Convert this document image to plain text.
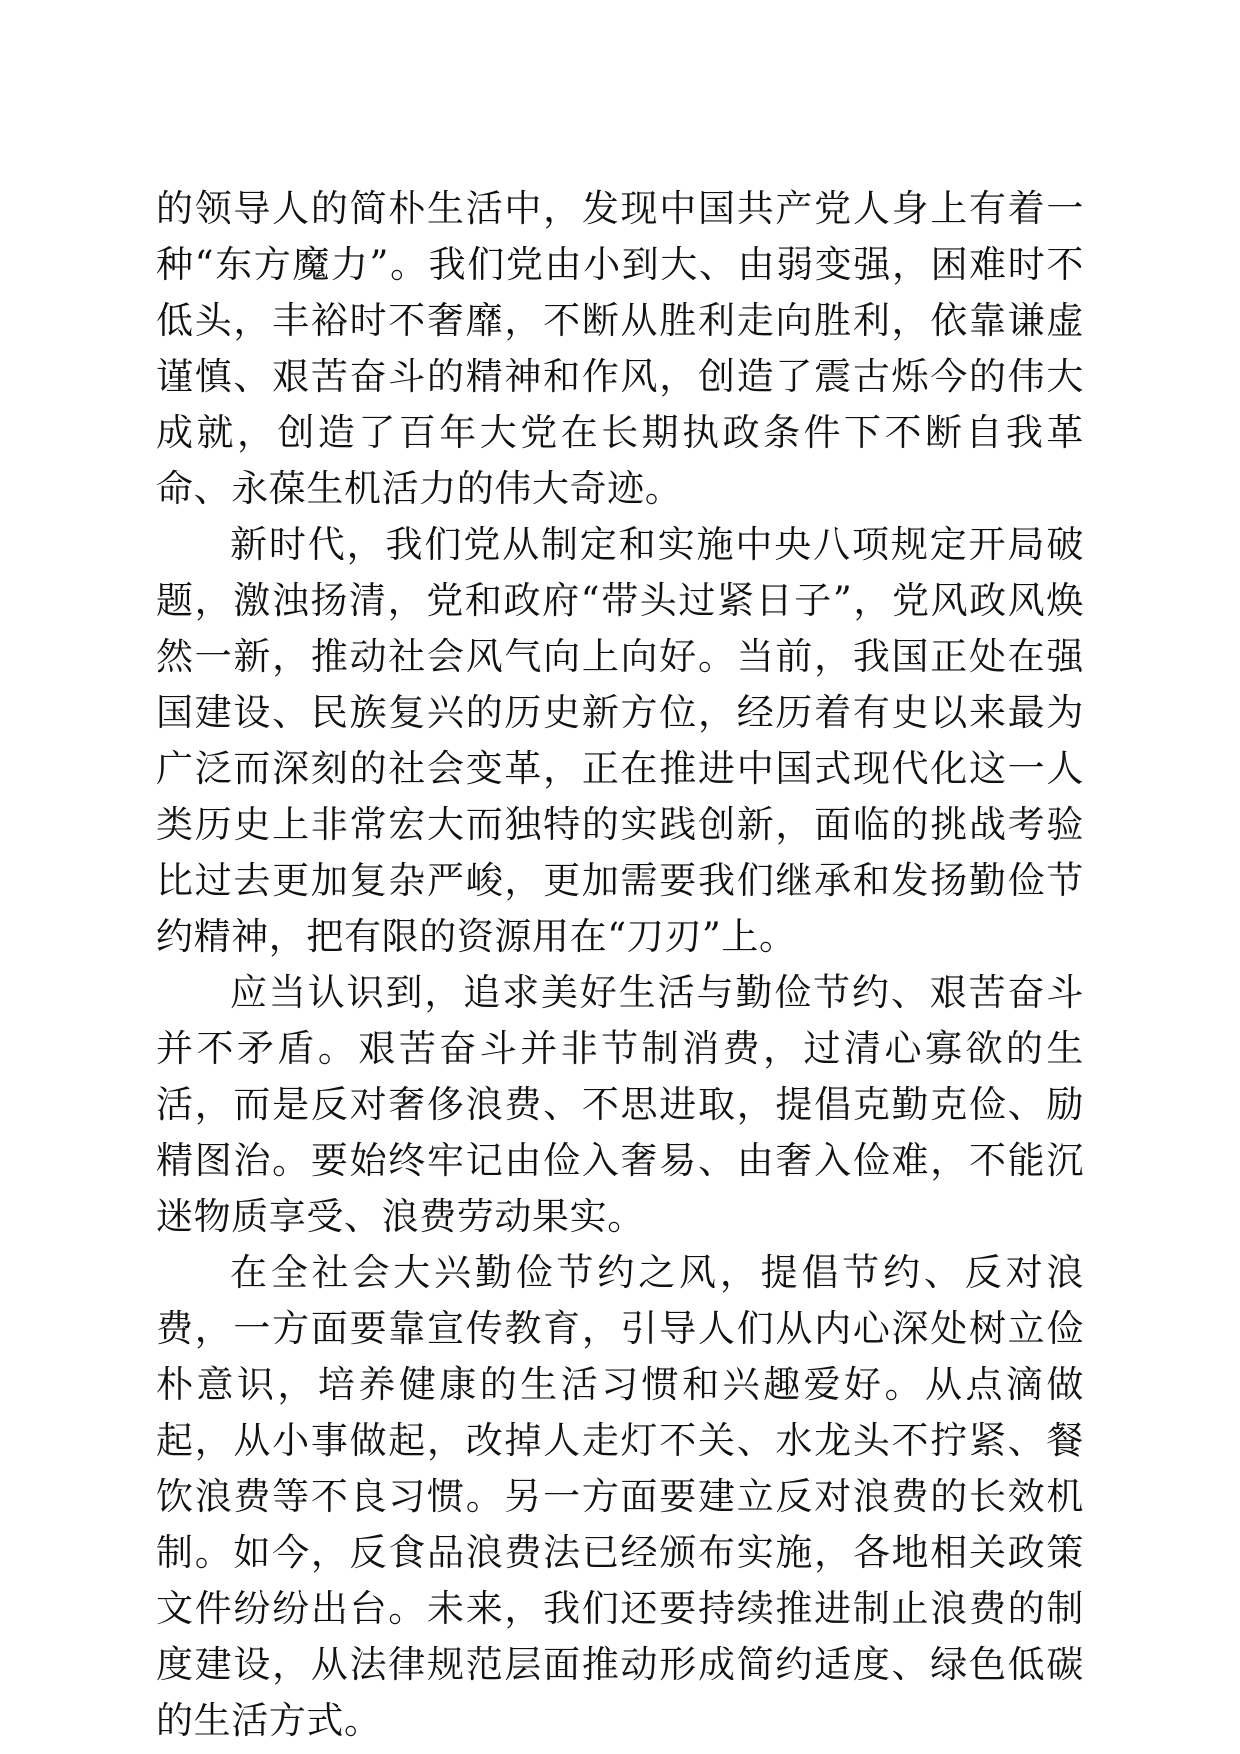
的领导人的简朴生活中，发现中国共产党人身上有着一种“东方魔力”。我们党由小到大、由弱变强，困难时不低头，丰裕时不奢靡，不断从胜利走向胜利，依靠谦虚谨慎、艰苦奋斗的精神和作风，创造了震古烁今的伟大成就，创造了百年大党在长期执政条件下不断自我革命、永葆生机活力的伟大奇迹。

新时代，我们党从制定和实施中央八项规定开局破题，激浊扬清，党和政府“带头过紧日子”，党风政风焕然一新，推动社会风气向上向好。当前，我国正处在强国建设、民族复兴的历史新方位，经历着有史以来最为广泛而深刻的社会变革，正在推进中国式现代化这一人类历史上非常宏大而独特的实践创新，面临的挑战考验比过去更加复杂严峻，更加需要我们继承和发扬勤俭节约精神，把有限的资源用在“刀刃”上。

应当认识到，追求美好生活与勤俭节约、艰苦奋斗并不矛盾。艰苦奋斗并非节制消费，过清心寡欲的生活，而是反对奢侈浪费、不思进取，提倡克勤克俭、励精图治。要始终牢记由俭入奢易、由奢入俭难，不能沉迷物质享受、浪费劳动果实。

在全社会大兴勤俭节约之风，提倡节约、反对浪费，一方面要靠宣传教育，引导人们从内心深处树立俭朴意识，培养健康的生活习惯和兴趣爱好。从点滴做起，从小事做起，改掉人走灯不关、水龙头不拧紧、餐饮浪费等不良习惯。另一方面要建立反对浪费的长效机制。如今，反食品浪费法已经颁布实施，各地相关政策文件纷纷出台。未来，我们还要持续推进制止浪费的制度建设，从法律规范层面推动形成简约适度、绿色低碳的生活方式。
